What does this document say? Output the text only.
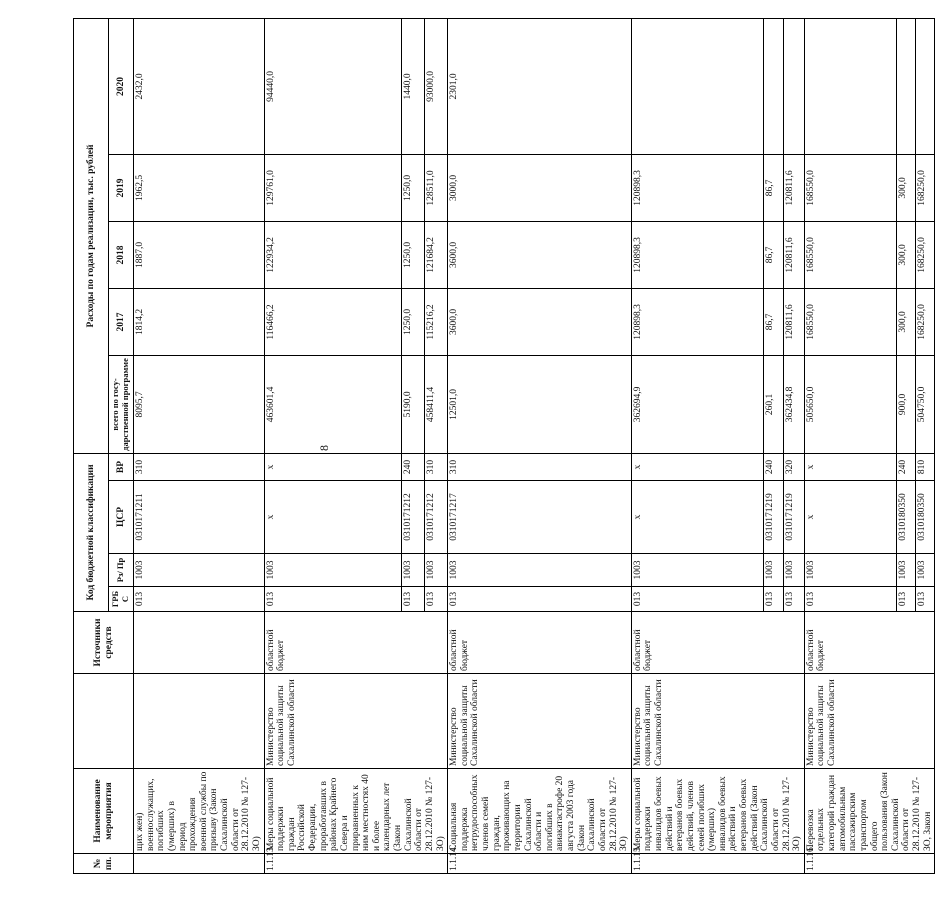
8
№ пп.	Наименование мероприятия		Источники средств	Код бюджетной классификации				Расходы по годам реализации, тыс. рублей				
				ГРБ С	Рз/ Пр	ЦСР	ВР	всего по госу-дарственной программе	2017	2018	2019	2020

	щих жен) военнослужащих, погибших (умерших) в период прохождения военной службы по призыву (Закон Сахалинской области от 28.12.2010 № 127-ЗО)			013	1003	0310171211	310	8095,7	1814,2	1887,0	1962,5	2432,0
1.1.13.	Меры социальной поддержки граждан Российской Федерации, проработавших в районах Крайнего Севера и приравненных к ним местностях 40 и более календарных лет (Закон Сахалинской области от 28.12.2010 № 127-ЗО)	Министерство социальной защиты Сахалинской области	областной бюджет	013	1003	x	x	463601,4	116466,2	122934,2	129761,0	94440,0
				013	1003	0310171212	240	5190,0	1250,0	1250,0	1250,0	1440,0
				013	1003	0310171212	310	458411,4	115216,2	121684,2	128511,0	93000,0
1.1.14.	Социальная поддержка нетрудоспособных членов семей граждан, проживающих на территории Сахалинской области и погибших в авиакатастрофе 20 августа 2003 года (Закон Сахалинской области от 28.12.2010 № 127-ЗО)	Министерство социальной защиты Сахалинской области	областной бюджет	013	1003	0310171217	310	12501,0	3600,0	3600,0	3000,0	2301,0
1.1.15.	Меры социальной поддержки инвалидов боевых действий и ветеранов боевых действий, членов семей погибших (умерших) инвалидов боевых действий и ветеранов боевых действий (Закон Сахалинской области от 28.12.2010 № 127-ЗО)	Министерство социальной защиты Сахалинской области	областной бюджет	013	1003	x	x	362694,9	120898,3	120898,3	120898,3	
				013	1003	0310171219	240	260,1	86,7	86,7	86,7	
				013	1003	0310171219	320	362434,8	120811,6	120811,6	120811,6	
1.1.16.	Перевозка отдельных категорий граждан автомобильным пассажирским транспортом общего пользования (Закон Сахалинской области от 28.12.2010 № 127-ЗО, Закон	Министерство социальной защиты Сахалинской области	областной бюджет	013	1003	x	x	505650,0	168550,0	168550,0	168550,0	
				013	1003	0310180350	240	900,0	300,0	300,0	300,0	
				013	1003	0310180350	810	504750,0	168250,0	168250,0	168250,0	
